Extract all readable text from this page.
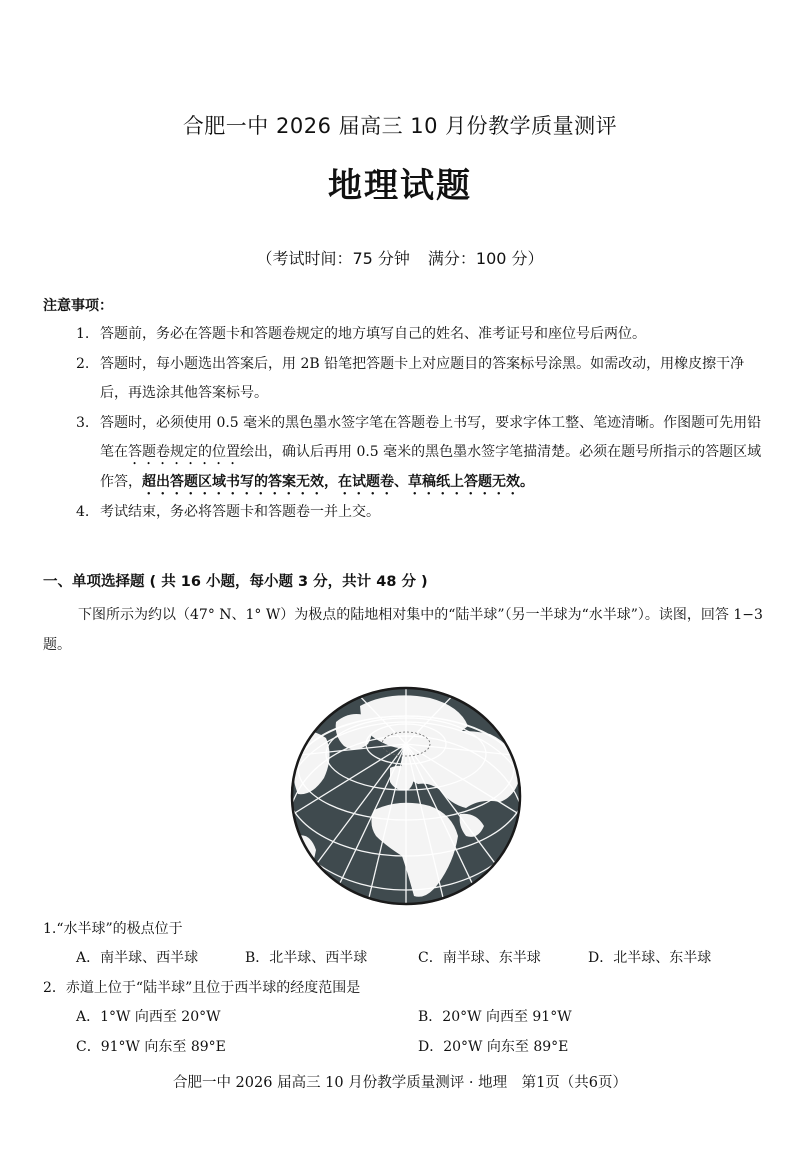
合肥一中 2026 届高三 10 月份教学质量测评
地理试题
（考试时间：75 分钟 满分：100 分）
注意事项：
1. 答题前，务必在答题卡和答题卷规定的地方填写自己的姓名、准考证号和座位号后两位。
2. 答题时，每小题选出答案后，用 2B 铅笔把答题卡上对应题目的答案标号涂黑。如需改动，用橡皮擦干净后，再选涂其他答案标号。
3. 答题时，必须使用 0.5 毫米的黑色墨水签字笔在答题卷上书写，要求字体工整、笔迹清晰。作图题可先用铅笔在答题卷规定的位置绘出，确认后再用 0.5 毫米的黑色墨水签字笔描清楚。必须在题号所指示的答题区域作答，超出答题区域书写的答案无效，在试题卷、草稿纸上答题无效。
4. 考试结束，务必将答题卡和答题卷一并上交。
一、单项选择题 ( 共 16 小题，每小题 3 分，共计 48 分 )
下图所示为约以（47° N、1° W）为极点的陆地相对集中的“陆半球”（另一半球为“水半球”）。读图，回答 1−3 题。
1.“水半球”的极点位于
A．南半球、西半球	B．北半球、西半球	C．南半球、东半球	D．北半球、东半球
2．赤道上位于“陆半球”且位于西半球的经度范围是
A．1°W 向西至 20°W	B．20°W 向西至 91°W
C．91°W 向东至 89°E	D．20°W 向东至 89°E
合肥一中 2026 届高三 10 月份教学质量测评 · 地理　第1页（共6页）
